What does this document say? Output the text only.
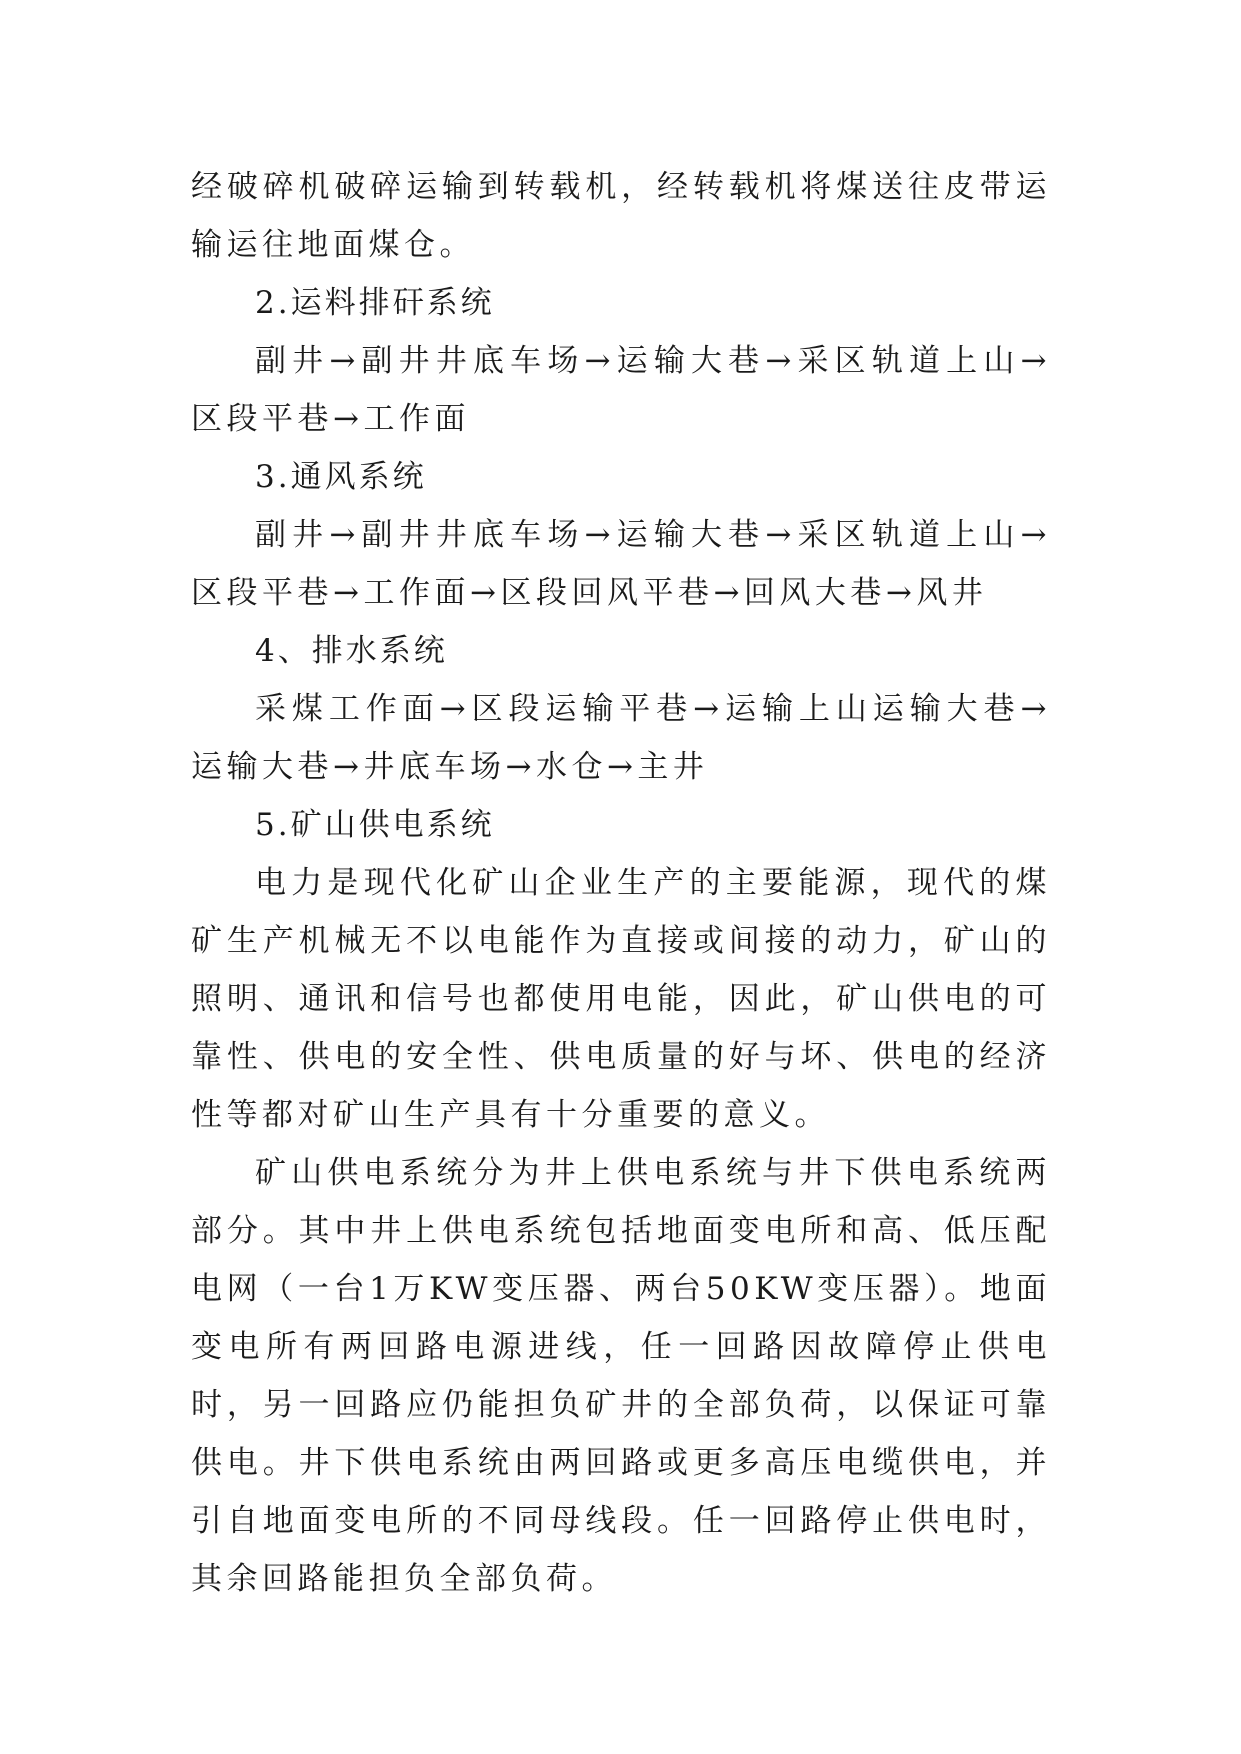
经破碎机破碎运输到转载机，经转载机将煤送往皮带运输运往地面煤仓。

2.运料排矸系统

副井→副井井底车场→运输大巷→采区轨道上山→区段平巷→工作面

3.通风系统

副井→副井井底车场→运输大巷→采区轨道上山→区段平巷→工作面→区段回风平巷→回风大巷→风井

4、排水系统

采煤工作面→区段运输平巷→运输上山运输大巷→运输大巷→井底车场→水仓→主井

5.矿山供电系统

电力是现代化矿山企业生产的主要能源，现代的煤矿生产机械无不以电能作为直接或间接的动力，矿山的照明、通讯和信号也都使用电能，因此，矿山供电的可靠性、供电的安全性、供电质量的好与坏、供电的经济性等都对矿山生产具有十分重要的意义。

矿山供电系统分为井上供电系统与井下供电系统两部分。其中井上供电系统包括地面变电所和高、低压配电网（一台1万KW变压器、两台50KW变压器）。地面变电所有两回路电源进线，任一回路因故障停止供电时，另一回路应仍能担负矿井的全部负荷，以保证可靠供电。井下供电系统由两回路或更多高压电缆供电，并引自地面变电所的不同母线段。任一回路停止供电时，其余回路能担负全部负荷。
